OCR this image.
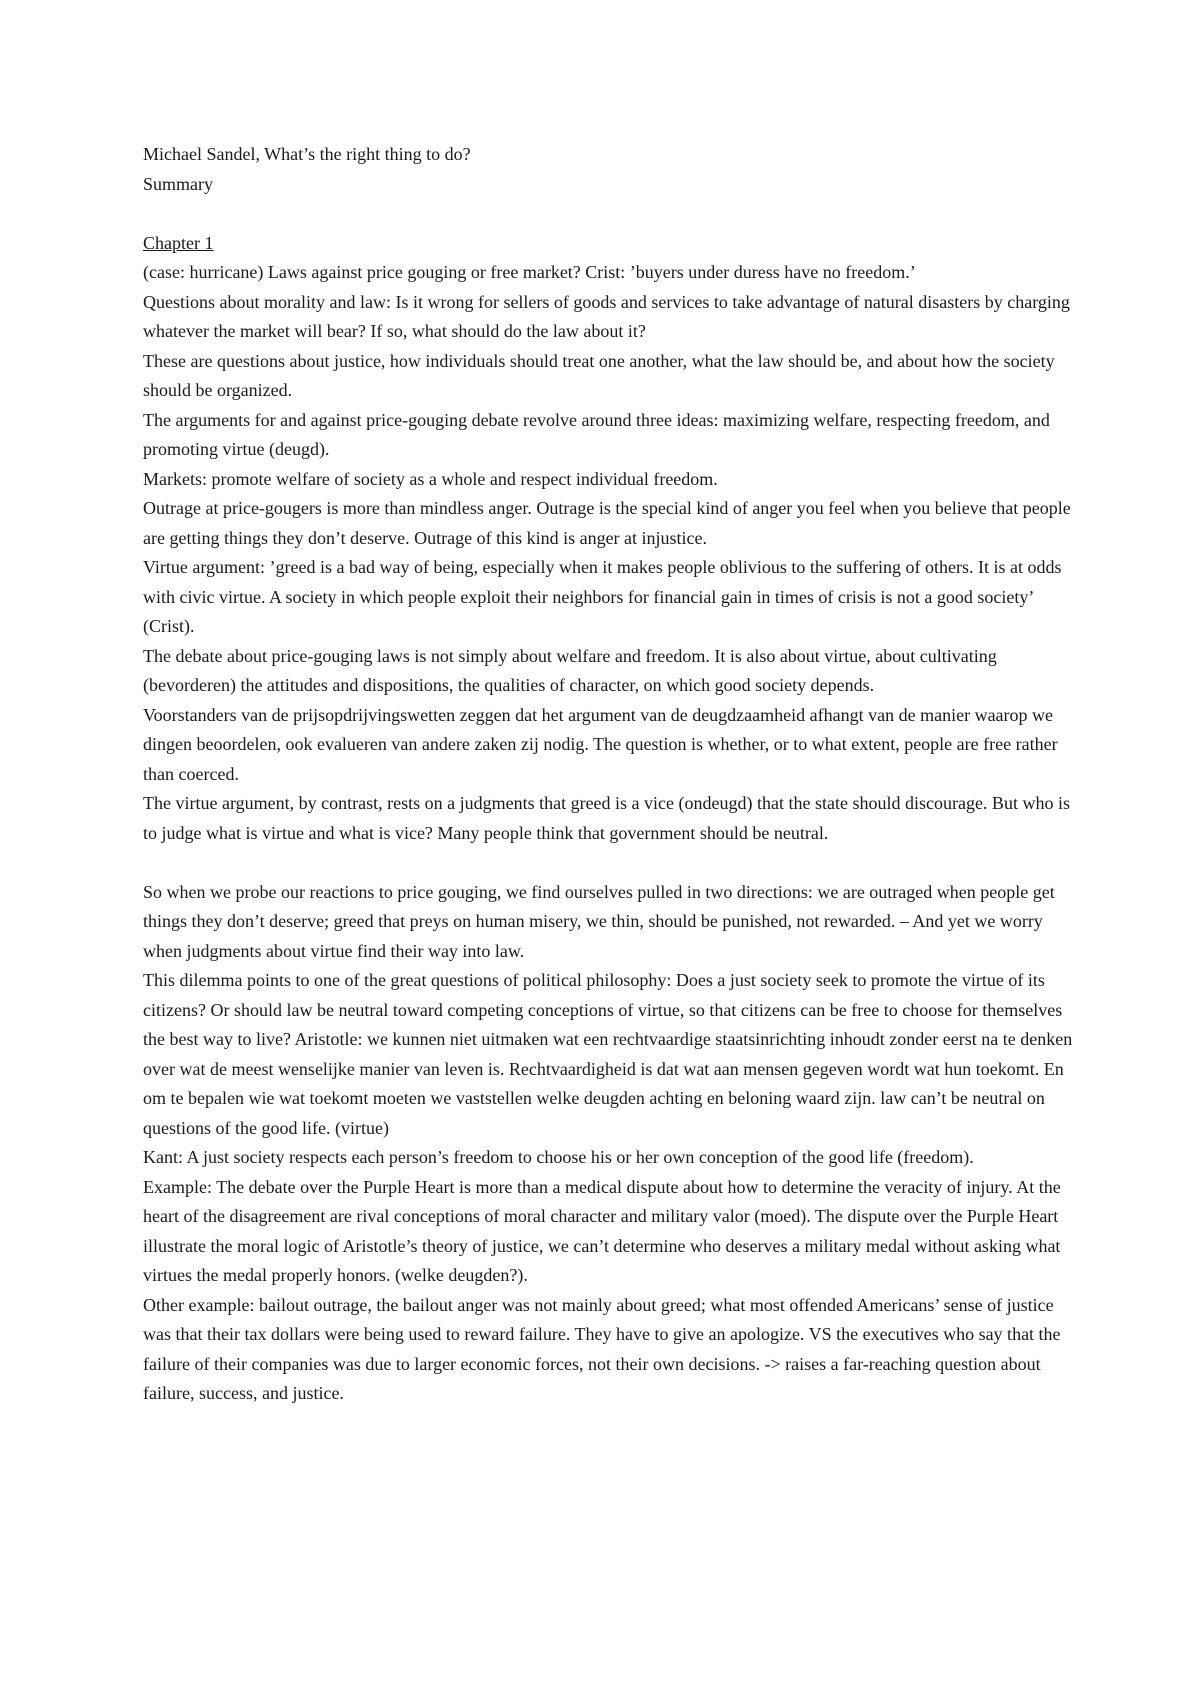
Michael Sandel, What’s the right thing to do?

Summary

Chapter 1

(case: hurricane) Laws against price gouging or free market? Crist: ’buyers under duress have no freedom.’

Questions about morality and law: Is it wrong for sellers of goods and services to take advantage of natural disasters by charging whatever the market will bear? If so, what should do the law about it?

These are questions about justice, how individuals should treat one another, what the law should be, and about how the society should be organized.

The arguments for and against price-gouging debate revolve around three ideas: maximizing welfare, respecting freedom, and promoting virtue (deugd).

Markets: promote welfare of society as a whole and respect individual freedom.

Outrage at price-gougers is more than mindless anger. Outrage is the special kind of anger you feel when you believe that people are getting things they don’t deserve. Outrage of this kind is anger at injustice.

Virtue argument: ’greed is a bad way of being, especially when it makes people oblivious to the suffering of others. It is at odds with civic virtue. A society in which people exploit their neighbors for financial gain in times of crisis is not a good society’ (Crist).

The debate about price-gouging laws is not simply about welfare and freedom. It is also about virtue, about cultivating (bevorderen) the attitudes and dispositions, the qualities of character, on which good society depends.

Voorstanders van de prijsopdrijvingswetten zeggen dat het argument van de deugdzaamheid afhangt van de manier waarop we dingen beoordelen, ook evalueren van andere zaken zij nodig. The question is whether, or to what extent, people are free rather than coerced.

The virtue argument, by contrast, rests on a judgments that greed is a vice (ondeugd) that the state should discourage. But who is to judge what is virtue and what is vice? Many people think that government should be neutral.

So when we probe our reactions to price gouging, we find ourselves pulled in two directions: we are outraged when people get things they don’t deserve; greed that preys on human misery, we thin, should be punished, not rewarded. – And yet we worry when judgments about virtue find their way into law.

This dilemma points to one of the great questions of political philosophy: Does a just society seek to promote the virtue of its citizens? Or should law be neutral toward competing conceptions of virtue, so that citizens can be free to choose for themselves the best way to live? Aristotle: we kunnen niet uitmaken wat een rechtvaardige staatsinrichting inhoudt zonder eerst na te denken over wat de meest wenselijke manier van leven is. Rechtvaardigheid is dat wat aan mensen gegeven wordt wat hun toekomt. En om te bepalen wie wat toekomt moeten we vaststellen welke deugden achting en beloning waard zijn. law can’t be neutral on questions of the good life. (virtue)

Kant: A just society respects each person’s freedom to choose his or her own conception of the good life (freedom).

Example: The debate over the Purple Heart is more than a medical dispute about how to determine the veracity of injury. At the heart of the disagreement are rival conceptions of moral character and military valor (moed). The dispute over the Purple Heart illustrate the moral logic of Aristotle’s theory of justice, we can’t determine who deserves a military medal without asking what virtues the medal properly honors. (welke deugden?).

Other example: bailout outrage, the bailout anger was not mainly about greed; what most offended Americans’ sense of justice was that their tax dollars were being used to reward failure. They have to give an apologize. VS the executives who say that the failure of their companies was due to larger economic forces, not their own decisions. -> raises a far-reaching question about failure, success, and justice.
